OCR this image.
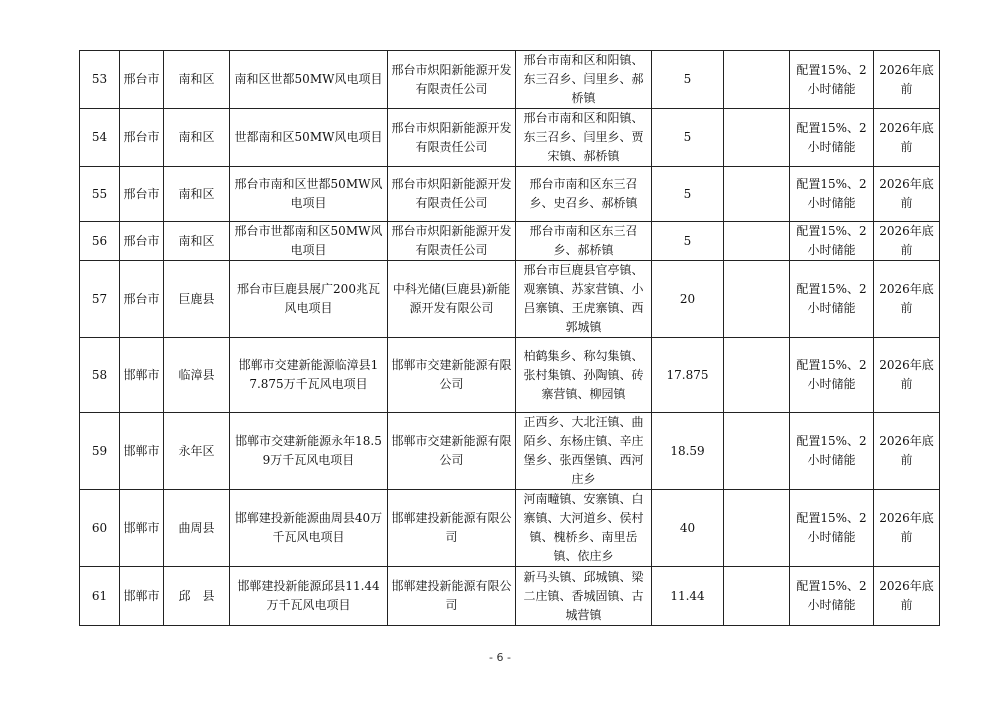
53	邢台市	南和区	南和区世都50MW风电项目	邢台市炽阳新能源开发有限责任公司	邢台市南和区和阳镇、东三召乡、闫里乡、郝桥镇	5		配置15%、2小时储能	2026年底前
54	邢台市	南和区	世都南和区50MW风电项目	邢台市炽阳新能源开发有限责任公司	邢台市南和区和阳镇、东三召乡、闫里乡、贾宋镇、郝桥镇	5		配置15%、2小时储能	2026年底前
55	邢台市	南和区	邢台市南和区世都50MW风电项目	邢台市炽阳新能源开发有限责任公司	邢台市南和区东三召乡、史召乡、郝桥镇	5		配置15%、2小时储能	2026年底前
56	邢台市	南和区	邢台市世都南和区50MW风电项目	邢台市炽阳新能源开发有限责任公司	邢台市南和区东三召乡、郝桥镇	5		配置15%、2小时储能	2026年底前
57	邢台市	巨鹿县	邢台市巨鹿县展广200兆瓦风电项目	中科光储(巨鹿县)新能源开发有限公司	邢台市巨鹿县官亭镇、观寨镇、苏家营镇、小吕寨镇、王虎寨镇、西郭城镇	20		配置15%、2小时储能	2026年底前
58	邯郸市	临漳县	邯郸市交建新能源临漳县17.875万千瓦风电项目	邯郸市交建新能源有限公司	柏鹤集乡、称勾集镇、张村集镇、孙陶镇、砖寨营镇、柳园镇	17.875		配置15%、2小时储能	2026年底前
59	邯郸市	永年区	邯郸市交建新能源永年18.59万千瓦风电项目	邯郸市交建新能源有限公司	正西乡、大北汪镇、曲陌乡、东杨庄镇、辛庄堡乡、张西堡镇、西河庄乡	18.59		配置15%、2小时储能	2026年底前
60	邯郸市	曲周县	邯郸建投新能源曲周县40万千瓦风电项目	邯郸建投新能源有限公司	河南疃镇、安寨镇、白寨镇、大河道乡、侯村镇、槐桥乡、南里岳镇、依庄乡	40		配置15%、2小时储能	2026年底前
61	邯郸市	邱　县	邯郸建投新能源邱县11.44万千瓦风电项目	邯郸建投新能源有限公司	新马头镇、邱城镇、梁二庄镇、香城固镇、古城营镇	11.44		配置15%、2小时储能	2026年底前
- 6 -
